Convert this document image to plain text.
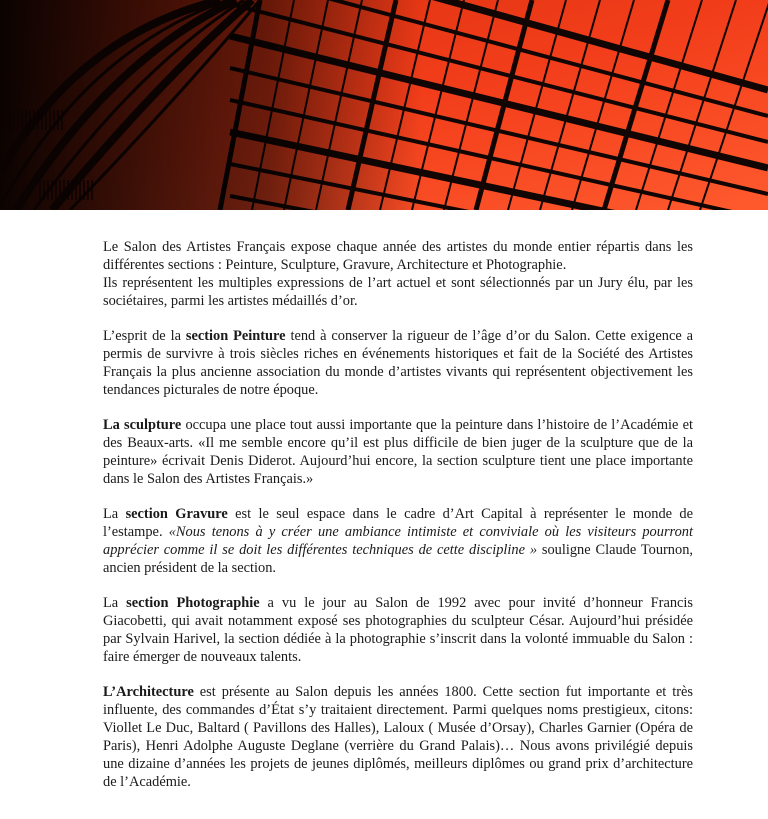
Le Salon des Artistes Français expose chaque année des artistes du monde entier répartis dans les différentes sections : Peinture, Sculpture, Gravure, Architecture et Photographie.
Ils représentent les multiples expressions de l’art actuel et sont sélectionnés par un Jury élu, par les sociétaires, parmi les artistes médaillés d’or.

L’esprit de la section Peinture tend à conserver la rigueur de l’âge d’or du Salon. Cette exigence a permis de survivre à trois siècles riches en événements historiques et fait de la Société des Artistes Français la plus ancienne association du monde d’artistes vivants qui représentent objectivement les tendances picturales de notre époque.

La sculpture occupa une place tout aussi importante que la peinture dans l’histoire de l’Académie et des Beaux-arts. «Il me semble encore qu’il est plus difficile de bien juger de la sculpture que de la peinture» écrivait Denis Diderot. Aujourd’hui encore, la section sculpture tient une place importante dans le Salon des Artistes Français.»

La section Gravure est le seul espace dans le cadre d’Art Capital à représenter le monde de l’estampe. «Nous tenons à y créer une ambiance intimiste et conviviale où les visiteurs pourront apprécier comme il se doit les différentes techniques de cette discipline » souligne Claude Tournon, ancien président de la section.

La section Photographie a vu le jour au Salon de 1992 avec pour invité d’honneur Francis Giacobetti, qui avait notamment exposé ses photographies du sculpteur César. Aujourd’hui présidée par Sylvain Harivel, la section dédiée à la photographie s’inscrit dans la volonté immuable du Salon : faire émerger de nouveaux talents.

L’Architecture est présente au Salon depuis les années 1800. Cette section fut importante et très influente, des commandes d’État s’y traitaient directement. Parmi quelques noms prestigieux, citons: Viollet Le Duc, Baltard ( Pavillons des Halles), Laloux ( Musée d’Orsay), Charles Garnier (Opéra de Paris), Henri Adolphe Auguste Deglane (verrière du Grand Palais)… Nous avons privilégié depuis une dizaine d’années les projets de jeunes diplômés, meilleurs diplômes ou grand prix d’architecture de l’Académie.
